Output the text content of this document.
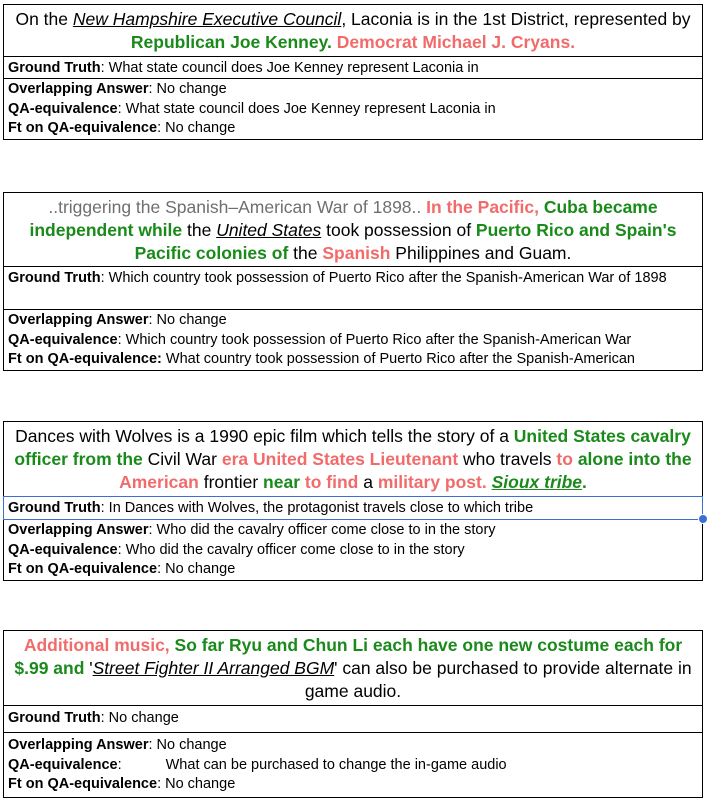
On the New Hampshire Executive Council, Laconia is in the 1st District, represented by Republican Joe Kenney. Democrat Michael J. Cryans.
Ground Truth: What state council does Joe Kenney represent Laconia in
Overlapping Answer: No change
QA-equivalence: What state council does Joe Kenney represent Laconia in
Ft on QA-equivalence: No change
..triggering the Spanish–American War of 1898.. In the Pacific, Cuba became independent while the United States took possession of Puerto Rico and Spain's Pacific colonies of the Spanish Philippines and Guam.
Ground Truth: Which country took possession of Puerto Rico after the Spanish-American War of 1898
Overlapping Answer: No change
QA-equivalence: Which country took possession of Puerto Rico after the Spanish-American War
Ft on QA-equivalence: What country took possession of Puerto Rico after the Spanish-American
Dances with Wolves is a 1990 epic film which tells the story of a United States cavalry officer from the Civil War era United States Lieutenant who travels to alone into the American frontier near to find a military post. Sioux tribe.
Ground Truth: In Dances with Wolves, the protagonist travels close to which tribe
Overlapping Answer: Who did the cavalry officer come close to in the story
QA-equivalence: Who did the cavalry officer come close to in the story
Ft on QA-equivalence: No change
Additional music, So far Ryu and Chun Li each have one new costume each for $.99 and 'Street Fighter II Arranged BGM' can also be purchased to provide alternate in game audio.
Ground Truth: No change
Overlapping Answer: No change
QA-equivalence:	What can be purchased to change the in-game audio
Ft on QA-equivalence: No change
